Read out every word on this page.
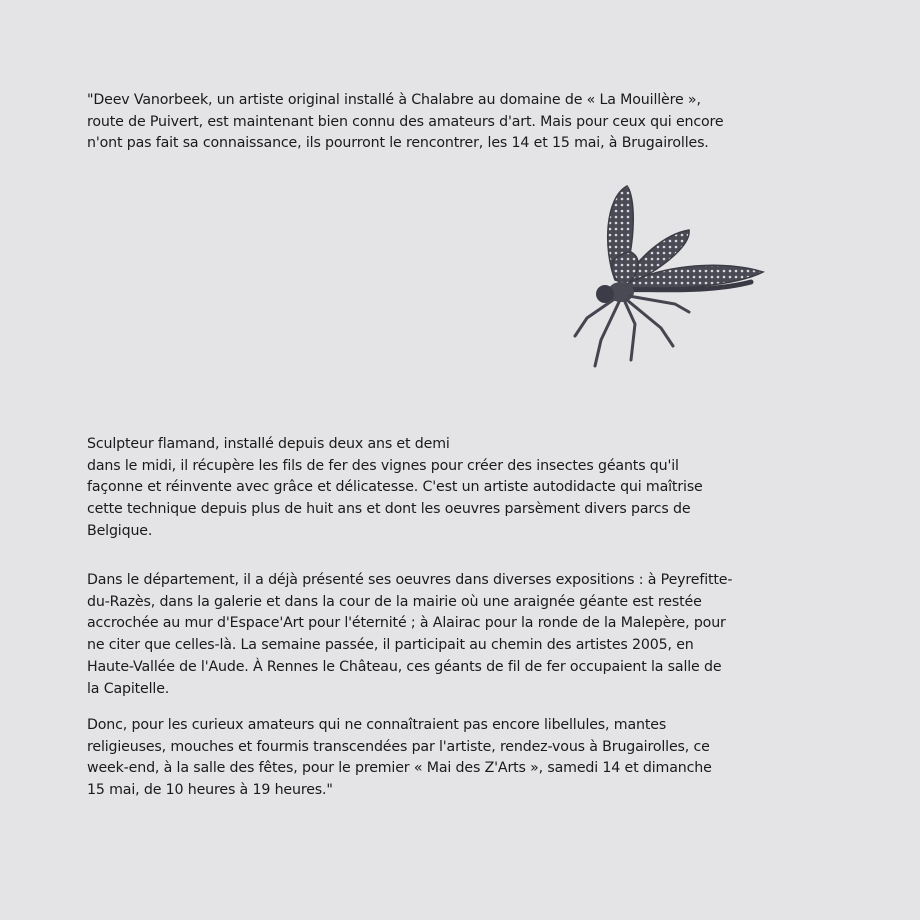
"Deev Vanorbeek, un artiste original installé à Chalabre au domaine de « La Mouillère »,
route de Puivert, est maintenant bien connu des amateurs d'art. Mais pour ceux qui encore
n'ont pas fait sa connaissance, ils pourront le rencontrer, les 14 et 15 mai, à Brugairolles.

Sculpteur flamand, installé depuis deux ans et demi
dans le midi, il récupère les fils de fer des vignes pour créer des insectes géants qu'il
façonne et réinvente avec grâce et délicatesse. C'est un artiste autodidacte qui maîtrise
cette technique depuis plus de huit ans et dont les oeuvres parsèment divers parcs de
Belgique.

Dans le département, il a déjà présenté ses oeuvres dans diverses expositions : à Peyrefitte-
du-Razès, dans la galerie et dans la cour de la mairie où une araignée géante est restée
accrochée au mur d'Espace'Art pour l'éternité ; à Alairac pour la ronde de la Malepère, pour
ne citer que celles-là. La semaine passée, il participait au chemin des artistes 2005, en
Haute-Vallée de l'Aude. À Rennes le Château, ces géants de fil de fer occupaient la salle de
la Capitelle.

Donc, pour les curieux amateurs qui ne connaîtraient pas encore libellules, mantes
religieuses, mouches et fourmis transcendées par l'artiste, rendez-vous à Brugairolles, ce
week-end, à la salle des fêtes, pour le premier « Mai des Z'Arts », samedi 14 et dimanche
15 mai, de 10 heures à 19 heures."
